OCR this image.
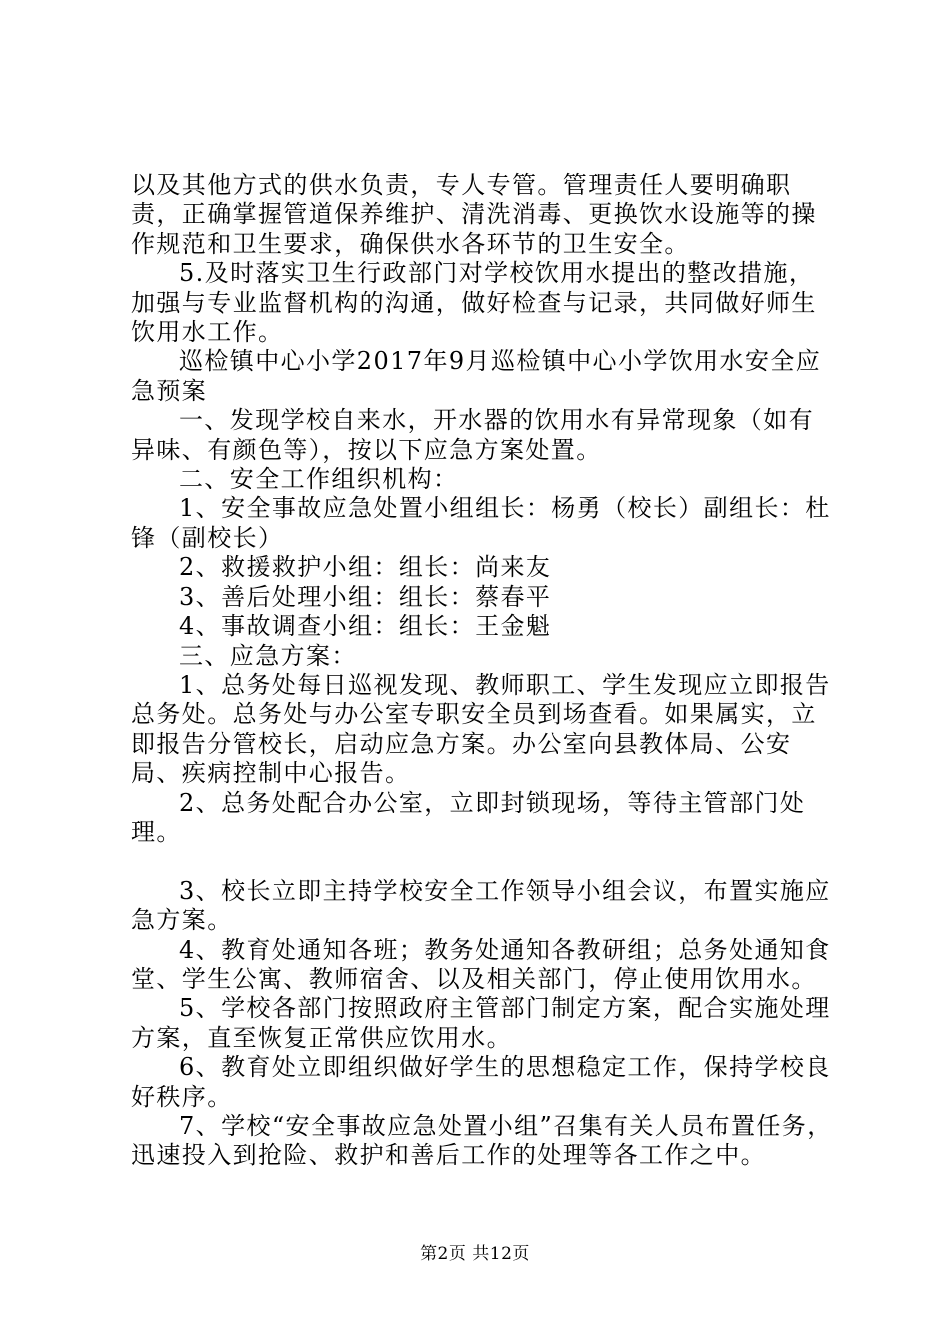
以及其他方式的供水负责，专人专管。管理责任人要明确职责，正确掌握管道保养维护、清洗消毒、更换饮水设施等的操作规范和卫生要求，确保供水各环节的卫生安全。

5.及时落实卫生行政部门对学校饮用水提出的整改措施，加强与专业监督机构的沟通，做好检查与记录，共同做好师生饮用水工作。

巡检镇中心小学2017年9月巡检镇中心小学饮用水安全应急预案

一、发现学校自来水，开水器的饮用水有异常现象（如有异味、有颜色等），按以下应急方案处置。

二、安全工作组织机构：

1、安全事故应急处置小组组长：杨勇（校长）副组长：杜锋（副校长）

2、救援救护小组：组长：尚来友

3、善后处理小组：组长：蔡春平

4、事故调查小组：组长：王金魁

三、应急方案：

1、总务处每日巡视发现、教师职工、学生发现应立即报告总务处。总务处与办公室专职安全员到场查看。如果属实，立即报告分管校长，启动应急方案。办公室向县教体局、公安局、疾病控制中心报告。

2、总务处配合办公室，立即封锁现场，等待主管部门处理。

3、校长立即主持学校安全工作领导小组会议，布置实施应急方案。

4、教育处通知各班；教务处通知各教研组；总务处通知食堂、学生公寓、教师宿舍、以及相关部门，停止使用饮用水。

5、学校各部门按照政府主管部门制定方案，配合实施处理方案，直至恢复正常供应饮用水。

6、教育处立即组织做好学生的思想稳定工作，保持学校良好秩序。

7、学校“安全事故应急处置小组”召集有关人员布置任务，迅速投入到抢险、救护和善后工作的处理等各工作之中。

第2页 共12页
